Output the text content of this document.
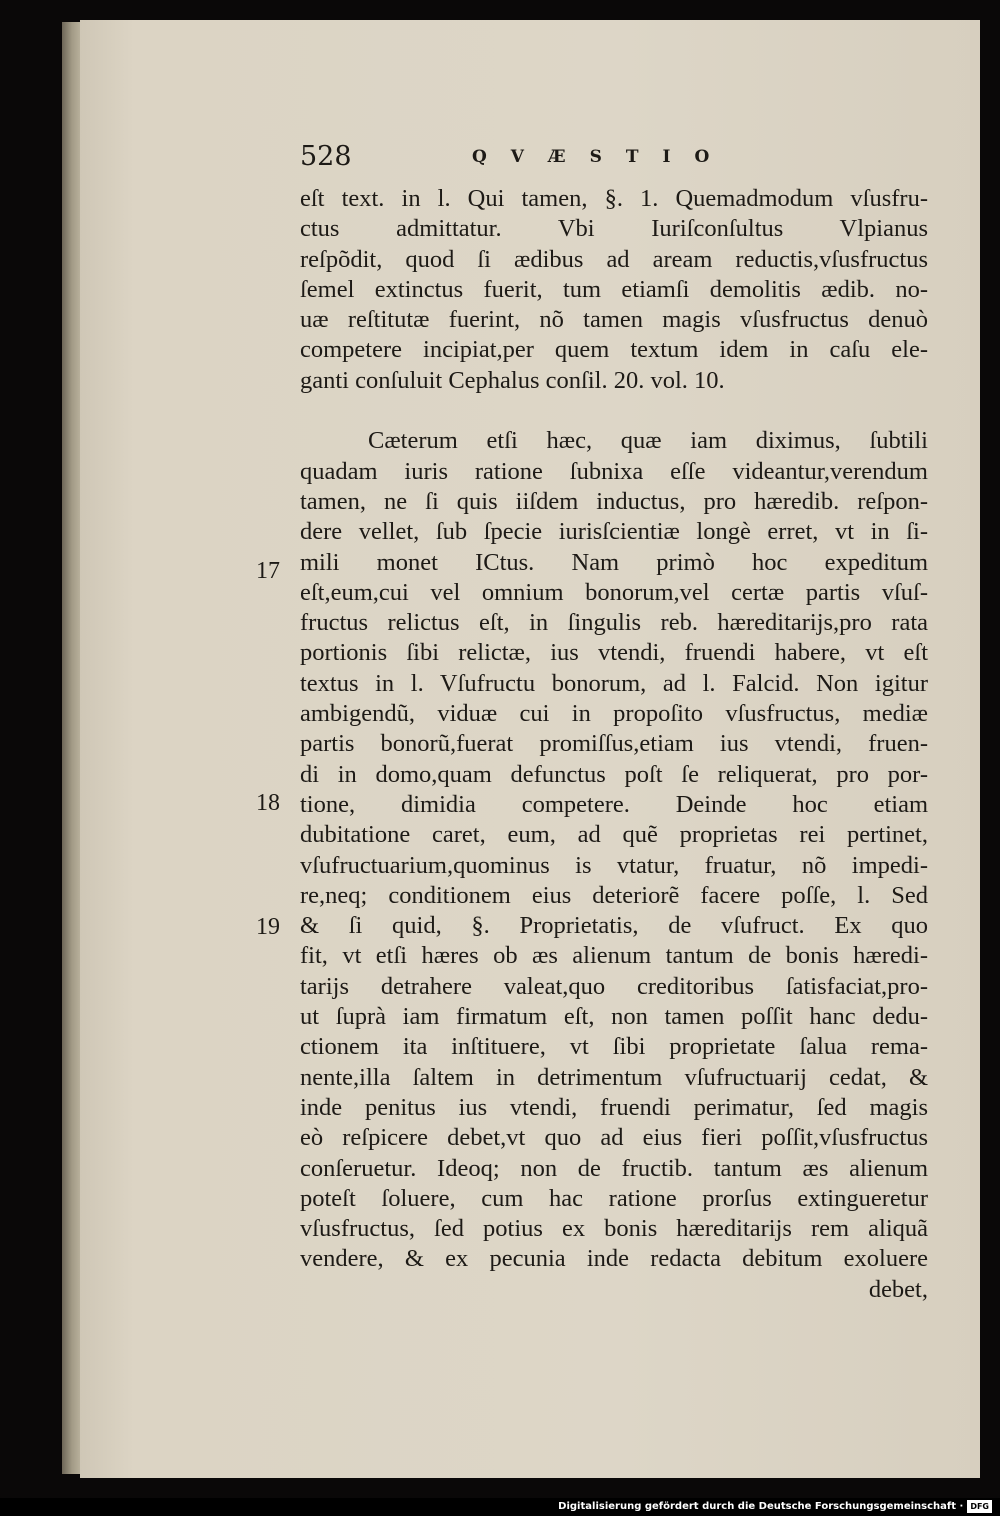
528	QVÆSTIO
eſt text. in l. Qui tamen, §. 1. Quemadmodum vſusfru-
ctus admittatur. Vbi Iuriſconſultus Vlpianus
reſpõdit, quod ſi ædibus ad aream reductis,vſusfructus
ſemel extinctus fuerit, tum etiamſi demolitis ædib. no-
uæ reſtitutæ fuerint, nõ tamen magis vſusfructus denuò
competere incipiat,per quem textum idem in caſu ele-
ganti conſuluit Cephalus conſil. 20. vol. 10.
Cæterum etſi hæc, quæ iam diximus, ſubtili
quadam iuris ratione ſubnixa eſſe videantur,verendum
tamen, ne ſi quis iiſdem inductus, pro hæredib. reſpon-
dere vellet, ſub ſpecie iurisſcientiæ longè erret, vt in ſi-
mili monet ICtus. Nam primò hoc expeditum
eſt,eum,cui vel omnium bonorum,vel certæ partis vſuſ-
fructus relictus eſt, in ſingulis reb. hæreditarijs,pro rata
portionis ſibi relictæ, ius vtendi, fruendi habere, vt eſt
textus in l. Vſufructu bonorum, ad l. Falcid. Non igitur
ambigendũ, viduæ cui in propoſito vſusfructus, mediæ
partis bonorũ,fuerat promiſſus,etiam ius vtendi, fruen-
di in domo,quam defunctus poſt ſe reliquerat, pro por-
tione, dimidia competere. Deinde hoc etiam
dubitatione caret, eum, ad quẽ proprietas rei pertinet,
vſufructuarium,quominus is vtatur, fruatur, nõ impedi-
re,neq; conditionem eius deteriorẽ facere poſſe, l. Sed
& ſi quid, §. Proprietatis, de vſufruct. Ex quo
fit, vt etſi hæres ob æs alienum tantum de bonis hæredi-
tarijs detrahere valeat,quo creditoribus ſatisfaciat,pro-
ut ſuprà iam firmatum eſt, non tamen poſſit hanc dedu-
ctionem ita inſtituere, vt ſibi proprietate ſalua rema-
nente,illa ſaltem in detrimentum vſufructuarij cedat, &
inde penitus ius vtendi, fruendi perimatur, ſed magis
eò reſpicere debet,vt quo ad eius fieri poſſit,vſusfructus
conſeruetur. Ideoq; non de fructib. tantum æs alienum
poteſt ſoluere, cum hac ratione prorſus extingueretur
vſusfructus, ſed potius ex bonis hæreditarijs rem aliquã
vendere, & ex pecunia inde redacta debitum exoluere
debet,
17
18
19
Digitalisierung gefördert durch die Deutsche Forschungsgemeinschaft · DFG
